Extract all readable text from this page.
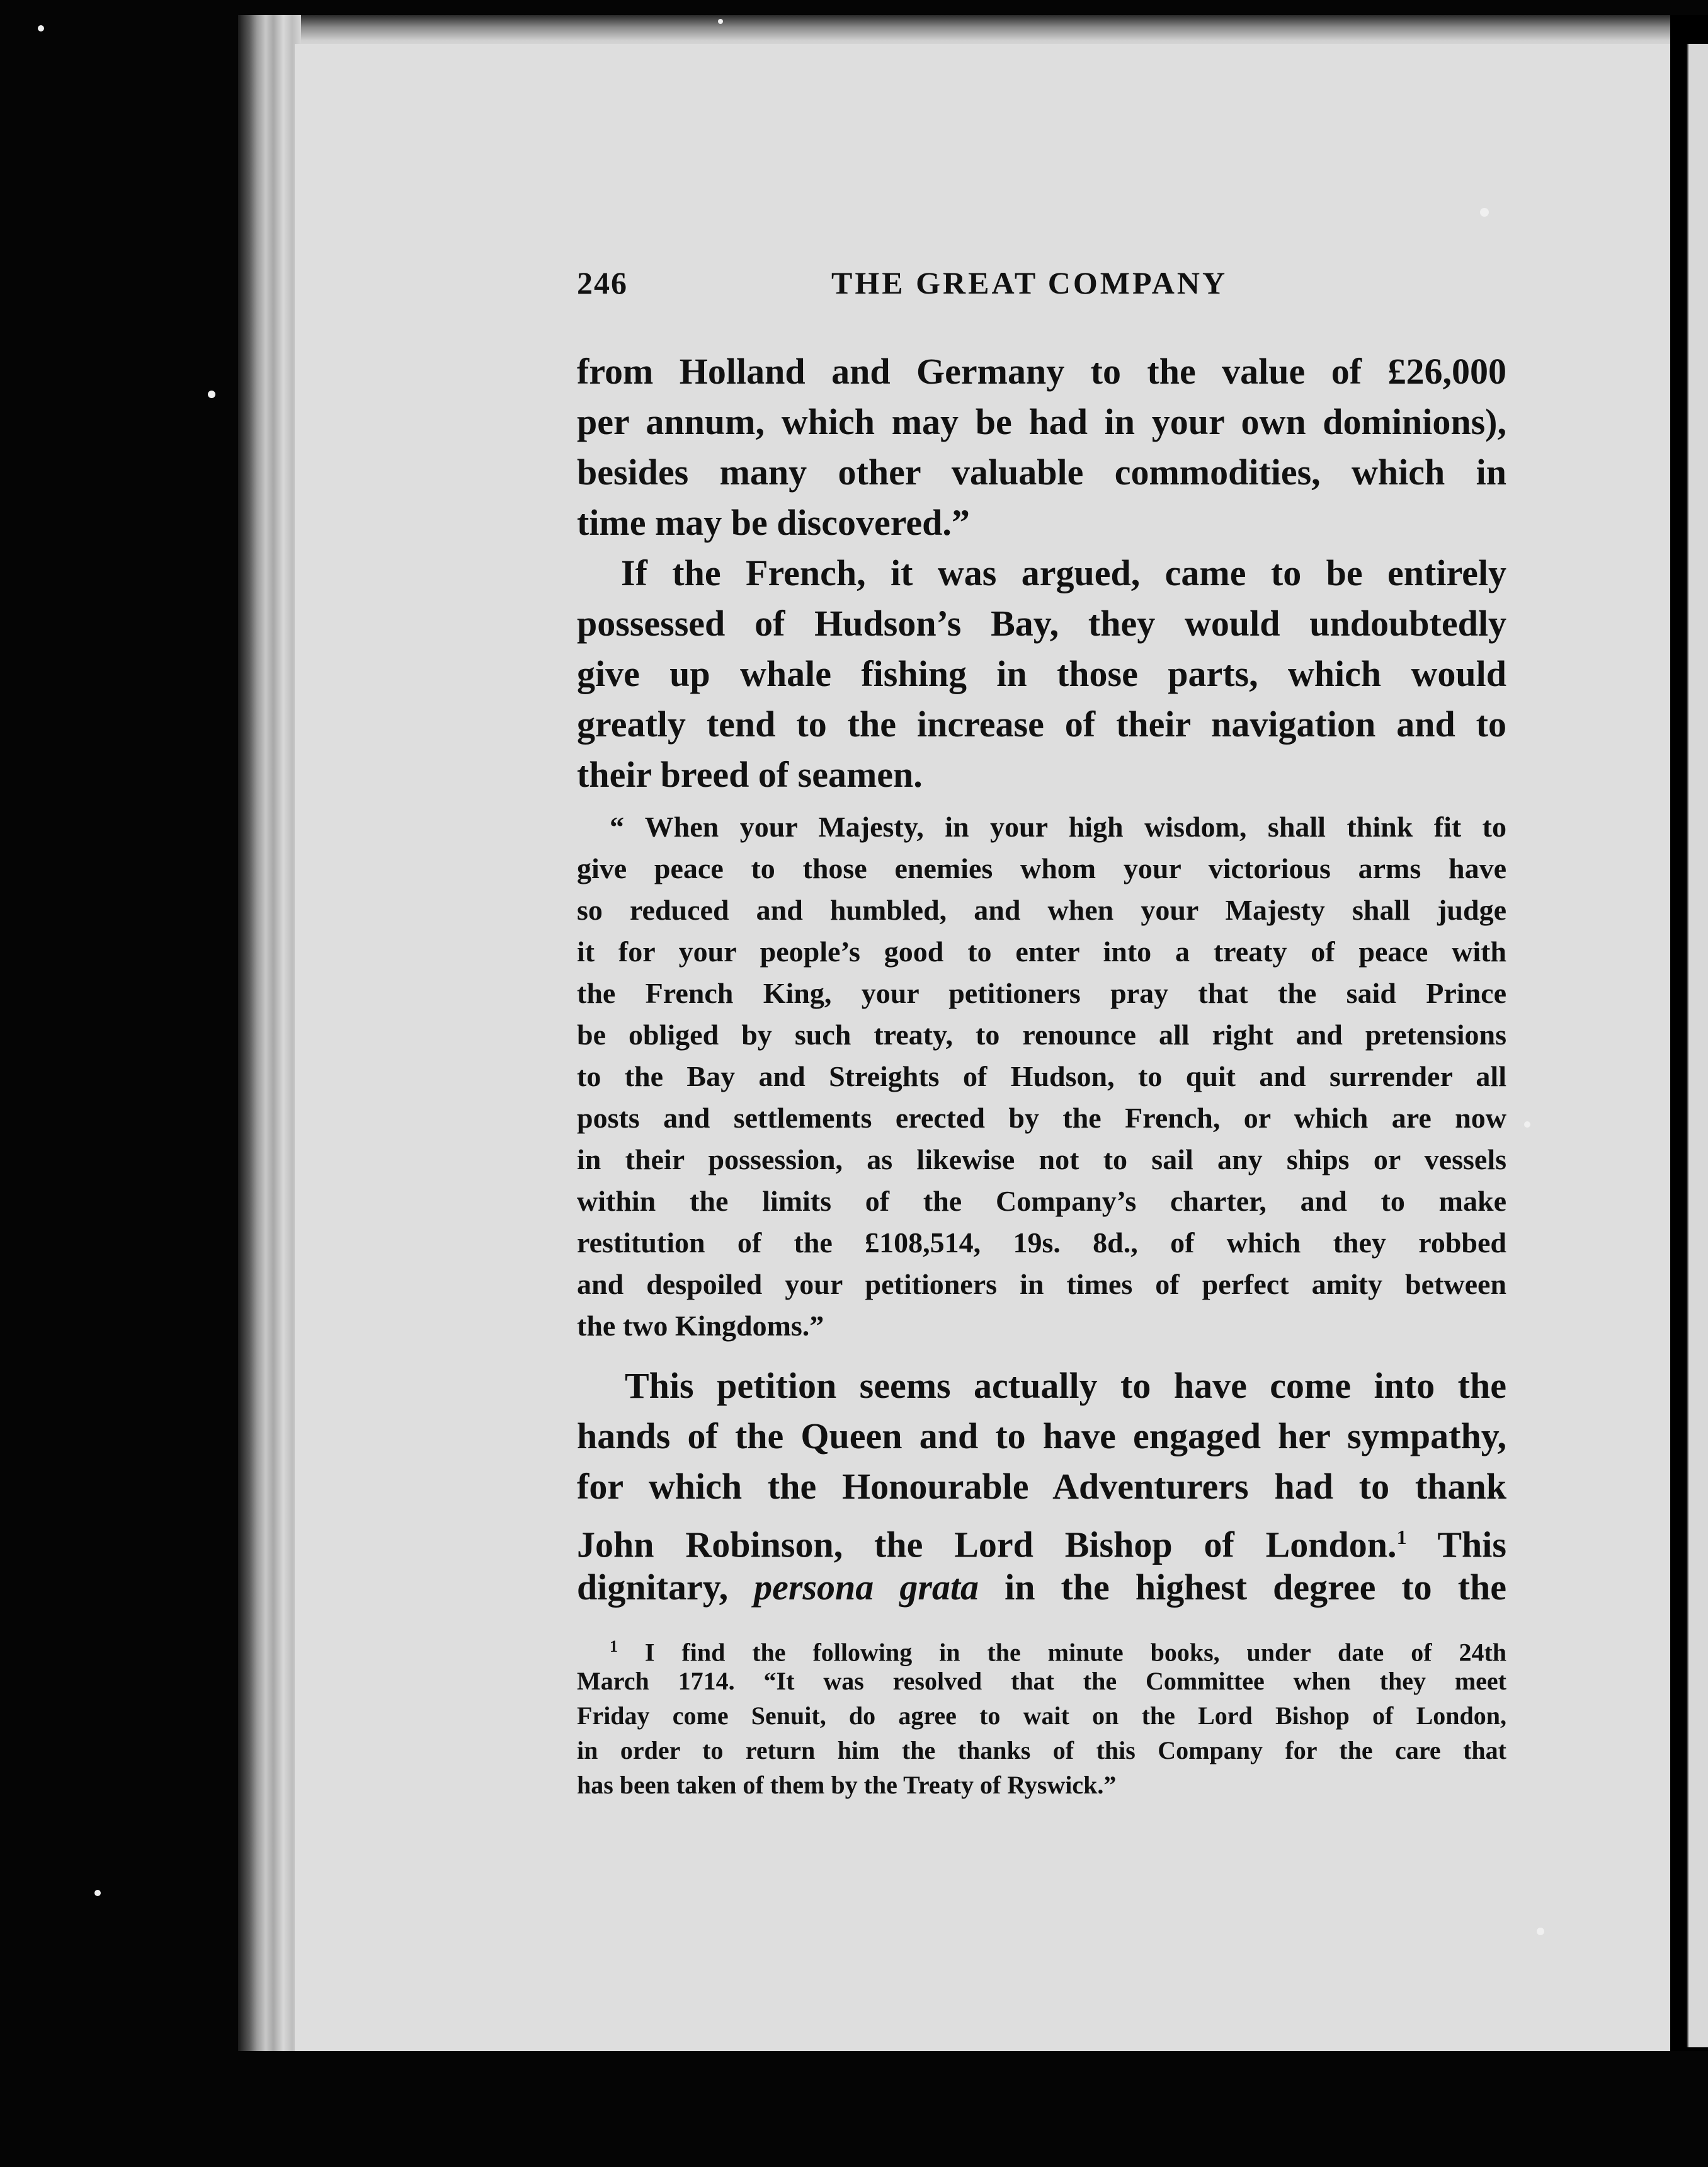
246	THE GREAT COMPANY
from Holland and Germany to the value of £26,000
per annum, which may be had in your own dominions),
besides many other valuable commodities, which in
time may be discovered.”
If the French, it was argued, came to be entirely
possessed of Hudson’s Bay, they would undoubtedly
give up whale fishing in those parts, which would
greatly tend to the increase of their navigation and to
their breed of seamen.
“ When your Majesty, in your high wisdom, shall think fit to
give peace to those enemies whom your victorious arms have
so reduced and humbled, and when your Majesty shall judge
it for your people’s good to enter into a treaty of peace with
the French King, your petitioners pray that the said Prince
be obliged by such treaty, to renounce all right and pretensions
to the Bay and Streights of Hudson, to quit and surrender all
posts and settlements erected by the French, or which are now
in their possession, as likewise not to sail any ships or vessels
within the limits of the Company’s charter, and to make
restitution of the £108,514, 19s. 8d., of which they robbed
and despoiled your petitioners in times of perfect amity between
the two Kingdoms.”
This petition seems actually to have come into the
hands of the Queen and to have engaged her sympathy,
for which the Honourable Adventurers had to thank
John Robinson, the Lord Bishop of London.$^1$ This
dignitary, persona grata in the highest degree to the
$^1$ I find the following in the minute books, under date of 24th
March 1714. “It was resolved that the Committee when they meet
Friday come Senuit, do agree to wait on the Lord Bishop of London,
in order to return him the thanks of this Company for the care that
has been taken of them by the Treaty of Ryswick.”
